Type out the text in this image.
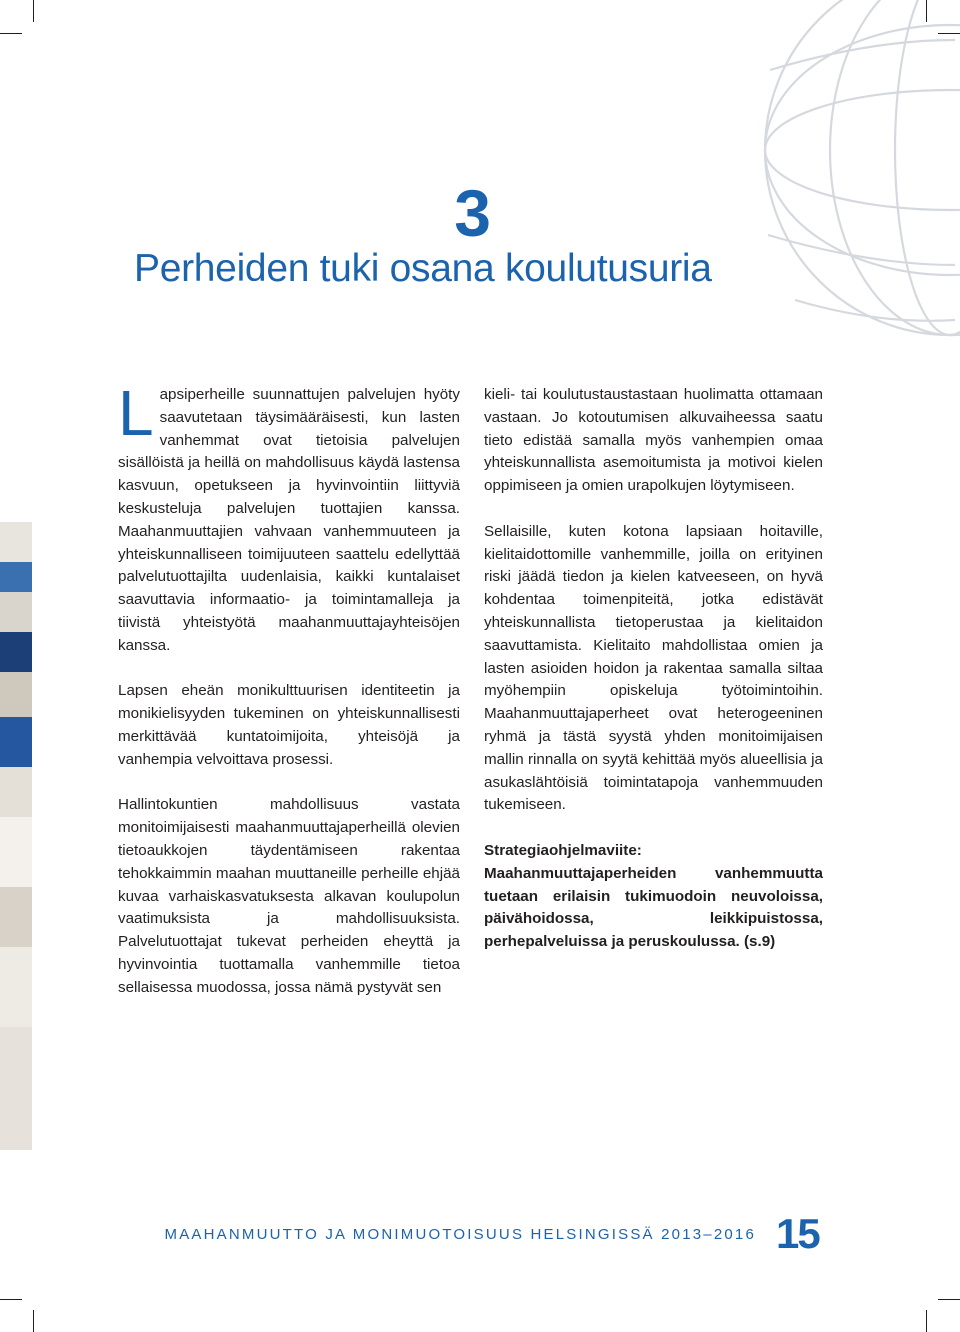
3
Perheiden tuki osana koulutusuria

Lapsiperheille suunnattujen palvelujen hyöty saavutetaan täysimääräisesti, kun lasten vanhemmat ovat tietoisia palvelujen sisällöistä ja heillä on mahdollisuus käydä lastensa kasvuun, opetukseen ja hyvinvointiin liittyviä keskusteluja palvelujen tuottajien kanssa. Maahanmuuttajien vahvaan vanhemmuuteen ja yhteiskunnalliseen toimijuuteen saattelu edellyttää palvelutuottajilta uudenlaisia, kaikki kuntalaiset saavuttavia informaatio- ja toimintamalleja ja tiivistä yhteistyötä maahanmuuttajayhteisöjen kanssa.

Lapsen eheän monikulttuurisen identiteetin ja monikielisyyden tukeminen on yhteiskunnallisesti merkittävää kuntatoimijoita, yhteisöjä ja vanhempia velvoittava prosessi.

Hallintokuntien mahdollisuus vastata monitoimijaisesti maahanmuuttajaperheillä olevien tietoaukkojen täydentämiseen rakentaa tehokkaimmin maahan muuttaneille perheille ehjää kuvaa varhaiskasvatuksesta alkavan koulupolun vaatimuksista ja mahdollisuuksista. Palvelutuottajat tukevat perheiden eheyttä ja hyvinvointia tuottamalla vanhemmille tietoa sellaisessa muodossa, jossa nämä pystyvät sen

kieli- tai koulutustaustastaan huolimatta ottamaan vastaan. Jo kotoutumisen alkuvaiheessa saatu tieto edistää samalla myös vanhempien omaa yhteiskunnallista asemoitumista ja motivoi kielen oppimiseen ja omien urapolkujen löytymiseen.

Sellaisille, kuten kotona lapsiaan hoitaville, kielitaidottomille vanhemmille, joilla on erityinen riski jäädä tiedon ja kielen katveeseen, on hyvä kohdentaa toimenpiteitä, jotka edistävät yhteiskunnallista tietoperustaa ja kielitaidon saavuttamista. Kielitaito mahdollistaa omien ja lasten asioiden hoidon ja rakentaa samalla siltaa myöhempiin opiskeluja työtoimintoihin. Maahanmuuttajaperheet ovat heterogeeninen ryhmä ja tästä syystä yhden monitoimijaisen mallin rinnalla on syytä kehittää myös alueellisia ja asukaslähtöisiä toimintatapoja vanhemmuuden tukemiseen.

Strategiaohjelmaviite: Maahanmuuttajaperheiden vanhemmuutta tuetaan erilaisin tukimuodoin neuvoloissa, päivähoidossa, leikkipuistossa, perhepalveluissa ja peruskoulussa. (s.9)

MAAHANMUUTTO JA MONIMUOTOISUUS HELSINGISSÄ 2013–2016 15
